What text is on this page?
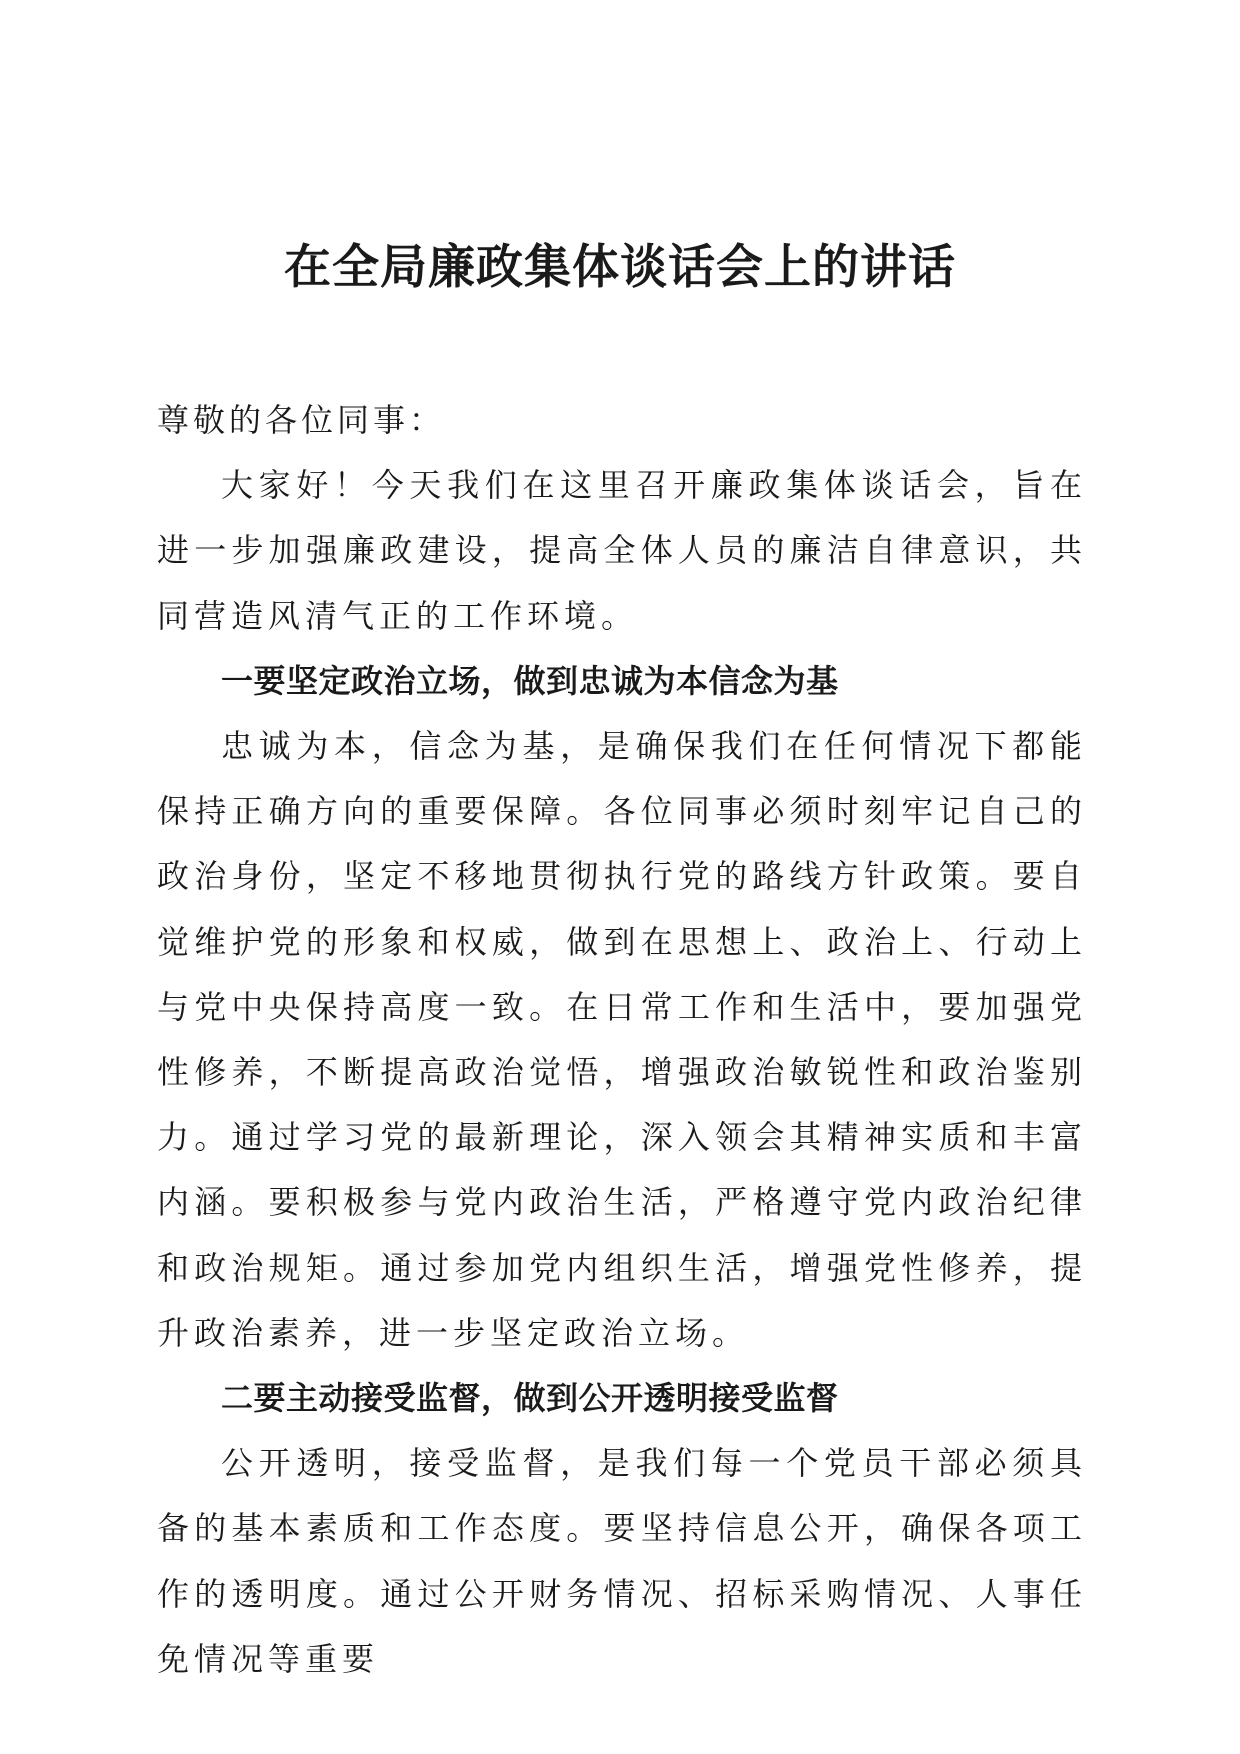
在全局廉政集体谈话会上的讲话

尊敬的各位同事：

大家好！今天我们在这里召开廉政集体谈话会，旨在进一步加强廉政建设，提高全体人员的廉洁自律意识，共同营造风清气正的工作环境。

一要坚定政治立场，做到忠诚为本信念为基

忠诚为本，信念为基，是确保我们在任何情况下都能保持正确方向的重要保障。各位同事必须时刻牢记自己的政治身份，坚定不移地贯彻执行党的路线方针政策。要自觉维护党的形象和权威，做到在思想上、政治上、行动上与党中央保持高度一致。在日常工作和生活中，要加强党性修养，不断提高政治觉悟，增强政治敏锐性和政治鉴别力。通过学习党的最新理论，深入领会其精神实质和丰富内涵。要积极参与党内政治生活，严格遵守党内政治纪律和政治规矩。通过参加党内组织生活，增强党性修养，提升政治素养，进一步坚定政治立场。

二要主动接受监督，做到公开透明接受监督

公开透明，接受监督，是我们每一个党员干部必须具备的基本素质和工作态度。要坚持信息公开，确保各项工作的透明度。通过公开财务情况、招标采购情况、人事任免情况等重要
